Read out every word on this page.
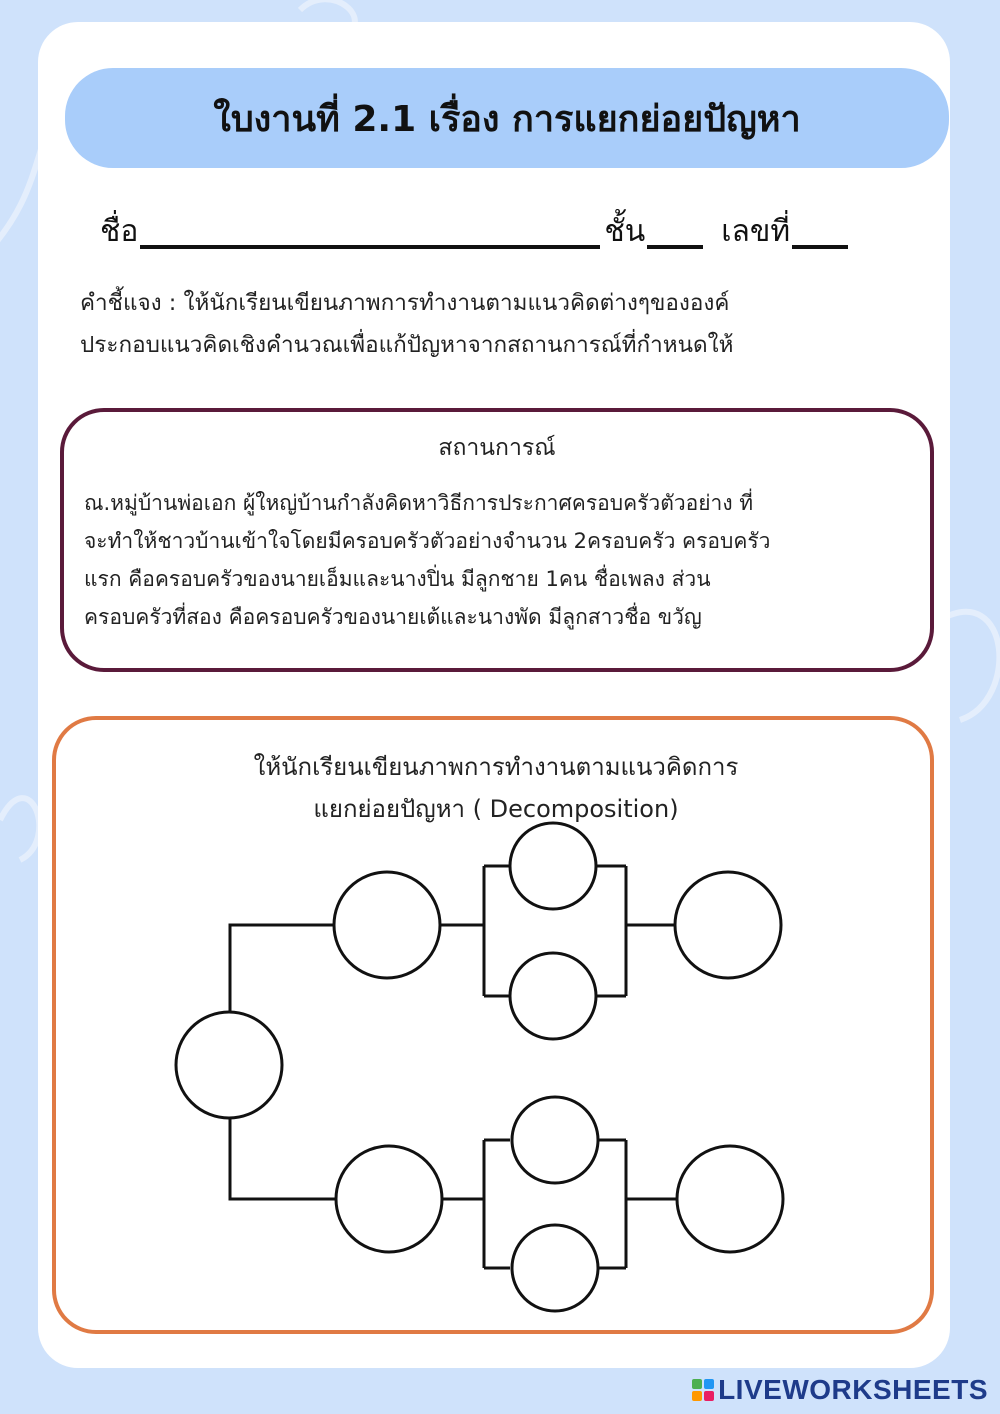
ใบงานที่ 2.1 เรื่อง การแยกย่อยปัญหา
ชื่อ	ชั้น	เลขที่
คำชี้แจง : ให้นักเรียนเขียนภาพการทำงานตามแนวคิดต่างๆขององค์
ประกอบแนวคิดเชิงคำนวณเพื่อแก้ปัญหาจากสถานการณ์ที่กำหนดให้
สถานการณ์
ณ.หมู่บ้านพ่อเอก ผู้ใหญ่บ้านกำลังคิดหาวิธีการประกาศครอบครัวตัวอย่าง ที่
จะทำให้ชาวบ้านเข้าใจโดยมีครอบครัวตัวอย่างจำนวน 2ครอบครัว ครอบครัว
แรก คือครอบครัวของนายเอ็มและนางปิ่น มีลูกชาย 1คน ชื่อเพลง ส่วน
ครอบครัวที่สอง คือครอบครัวของนายเต้และนางพัด มีลูกสาวชื่อ ขวัญ
ให้นักเรียนเขียนภาพการทำงานตามแนวคิดการ
แยกย่อยปัญหา ( Decomposition)
LIVEWORKSHEETS
